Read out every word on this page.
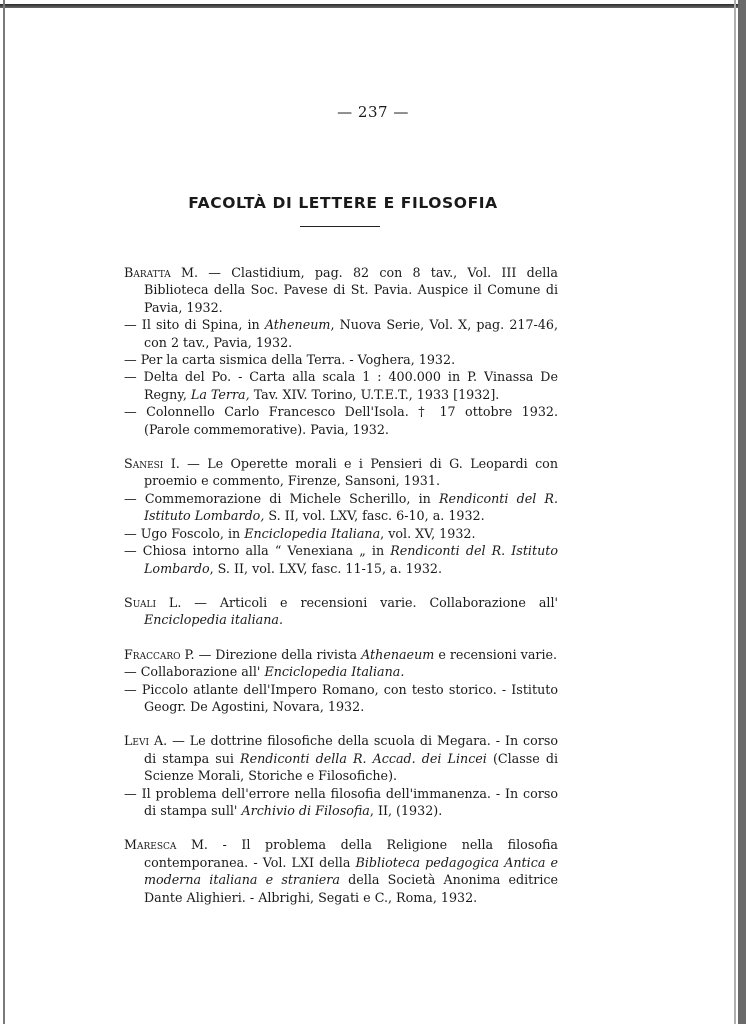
— 237 —
FACOLTÀ DI LETTERE E FILOSOFIA
Baratta M. — Clastidium, pag. 82 con 8 tav., Vol. III della Biblioteca della Soc. Pavese di St. Pavia. Auspice il Comune di Pavia, 1932.
— Il sito di Spina, in Atheneum, Nuova Serie, Vol. X, pag. 217-46, con 2 tav., Pavia, 1932.
— Per la carta sismica della Terra. - Voghera, 1932.
— Delta del Po. - Carta alla scala 1 : 400.000 in P. Vinassa De Regny, La Terra, Tav. XIV. Torino, U.T.E.T., 1933 [1932].
— Colonnello Carlo Francesco Dell'Isola. † 17 ottobre 1932. (Parole commemorative). Pavia, 1932.
Sanesi I. — Le Operette morali e i Pensieri di G. Leopardi con proemio e commento, Firenze, Sansoni, 1931.
— Commemorazione di Michele Scherillo, in Rendiconti del R. Istituto Lombardo, S. II, vol. LXV, fasc. 6-10, a. 1932.
— Ugo Foscolo, in Enciclopedia Italiana, vol. XV, 1932.
— Chiosa intorno alla “ Venexiana „ in Rendiconti del R. Istituto Lombardo, S. II, vol. LXV, fasc. 11-15, a. 1932.
Suali L. — Articoli e recensioni varie. Collaborazione all' Enciclopedia italiana.
Fraccaro P. — Direzione della rivista Athenaeum e recensioni varie.
— Collaborazione all' Enciclopedia Italiana.
— Piccolo atlante dell'Impero Romano, con testo storico. - Istituto Geogr. De Agostini, Novara, 1932.
Levi A. — Le dottrine filosofiche della scuola di Megara. - In corso di stampa sui Rendiconti della R. Accad. dei Lincei (Classe di Scienze Morali, Storiche e Filosofiche).
— Il problema dell'errore nella filosofia dell'immanenza. - In corso di stampa sull' Archivio di Filosofia, II, (1932).
Maresca M. - Il problema della Religione nella filosofia contemporanea. - Vol. LXI della Biblioteca pedagogica Antica e moderna italiana e straniera della Società Anonima editrice Dante Alighieri. - Albrighi, Segati e C., Roma, 1932.
